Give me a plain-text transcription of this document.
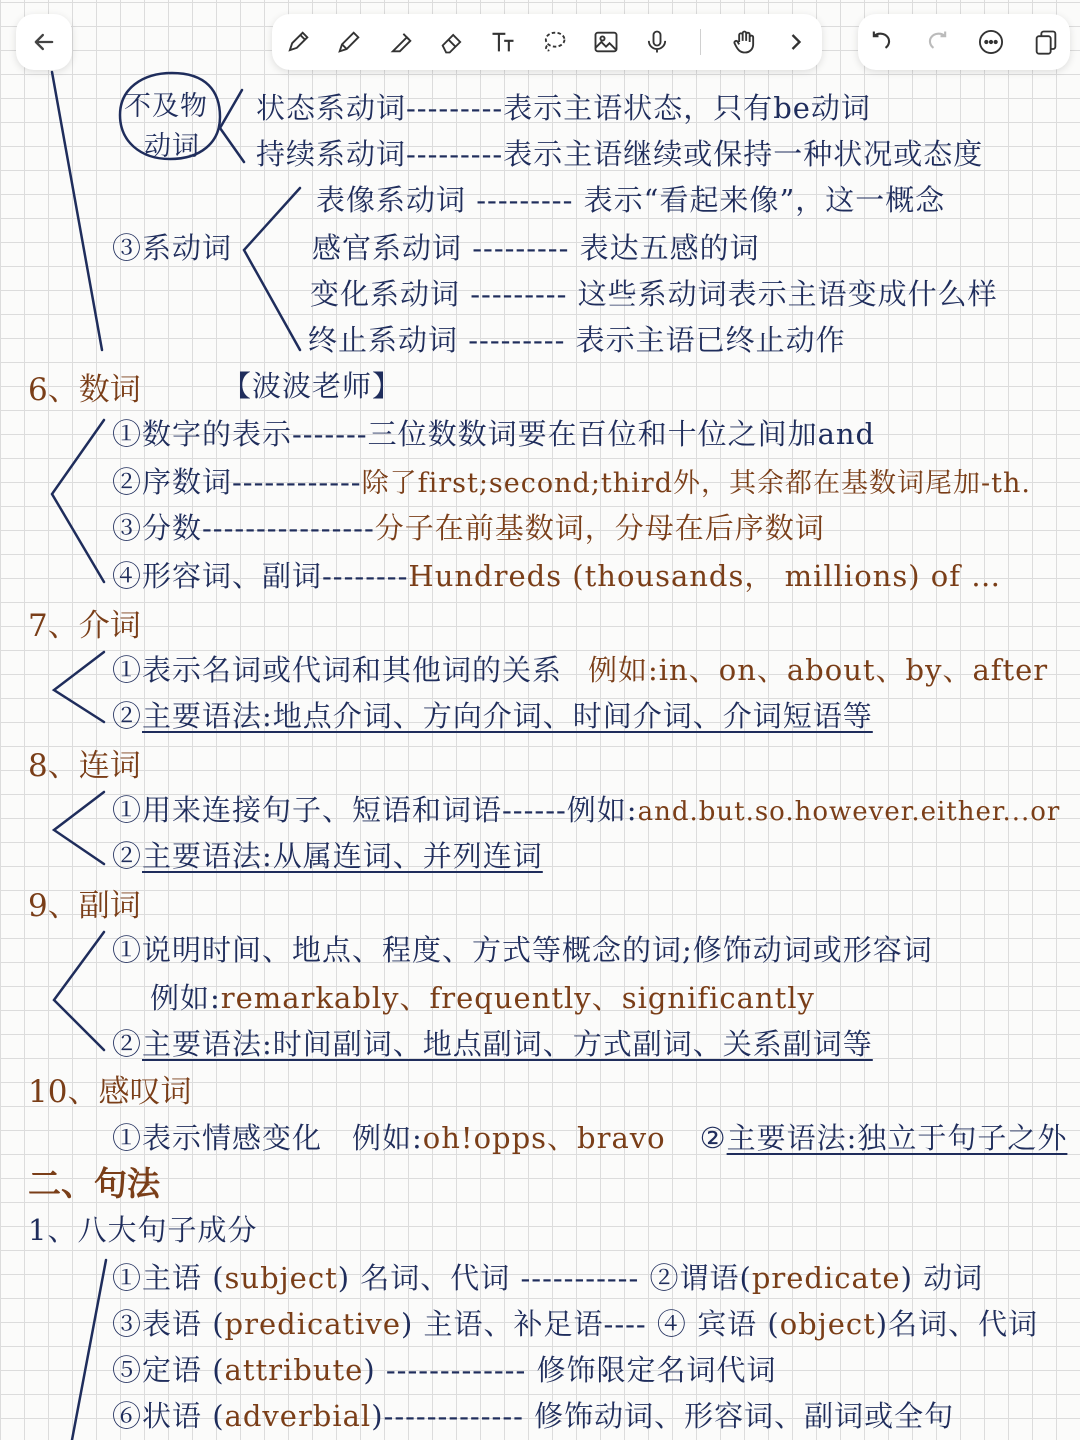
不及物
动词
状态系动词---------表示主语状态，只有be动词
持续系动词---------表示主语继续或保持一种状况或态度
③系动词
表像系动词 --------- 表示“看起来像”，这一概念
感官系动词 --------- 表达五感的词
变化系动词 --------- 这些系动词表示主语变成什么样
终止系动词 --------- 表示主语已终止动作
6、数词	【波波老师】
①数字的表示-------三位数数词要在百位和十位之间加and
②序数词------------除了first;second;third外，其余都在基数词尾加-th.
③分数----------------分子在前基数词，分母在后序数词
④形容词、副词--------Hundreds (thousands， millions) of …
7、介词
①表示名词或代词和其他词的关系 例如:in、on、about、by、after
②主要语法:地点介词、方向介词、时间介词、介词短语等
8、连词
①用来连接句子、短语和词语------例如:and.but.so.however.either...or
②主要语法:从属连词、并列连词
9、副词
①说明时间、地点、程度、方式等概念的词;修饰动词或形容词
例如:remarkably、frequently、significantly
②主要语法:时间副词、地点副词、方式副词、关系副词等
10、感叹词
①表示情感变化 例如:oh!opps、bravo ②主要语法:独立于句子之外
二、句法
1、八大句子成分
①主语 (subject) 名词、代词 ----------- ②谓语(predicate) 动词
③表语 (predicative) 主语、补足语---- ④ 宾语 (object)名词、代词
⑤定语 (attribute) ------------- 修饰限定名词代词
⑥状语 (adverbial)------------- 修饰动词、形容词、副词或全句
